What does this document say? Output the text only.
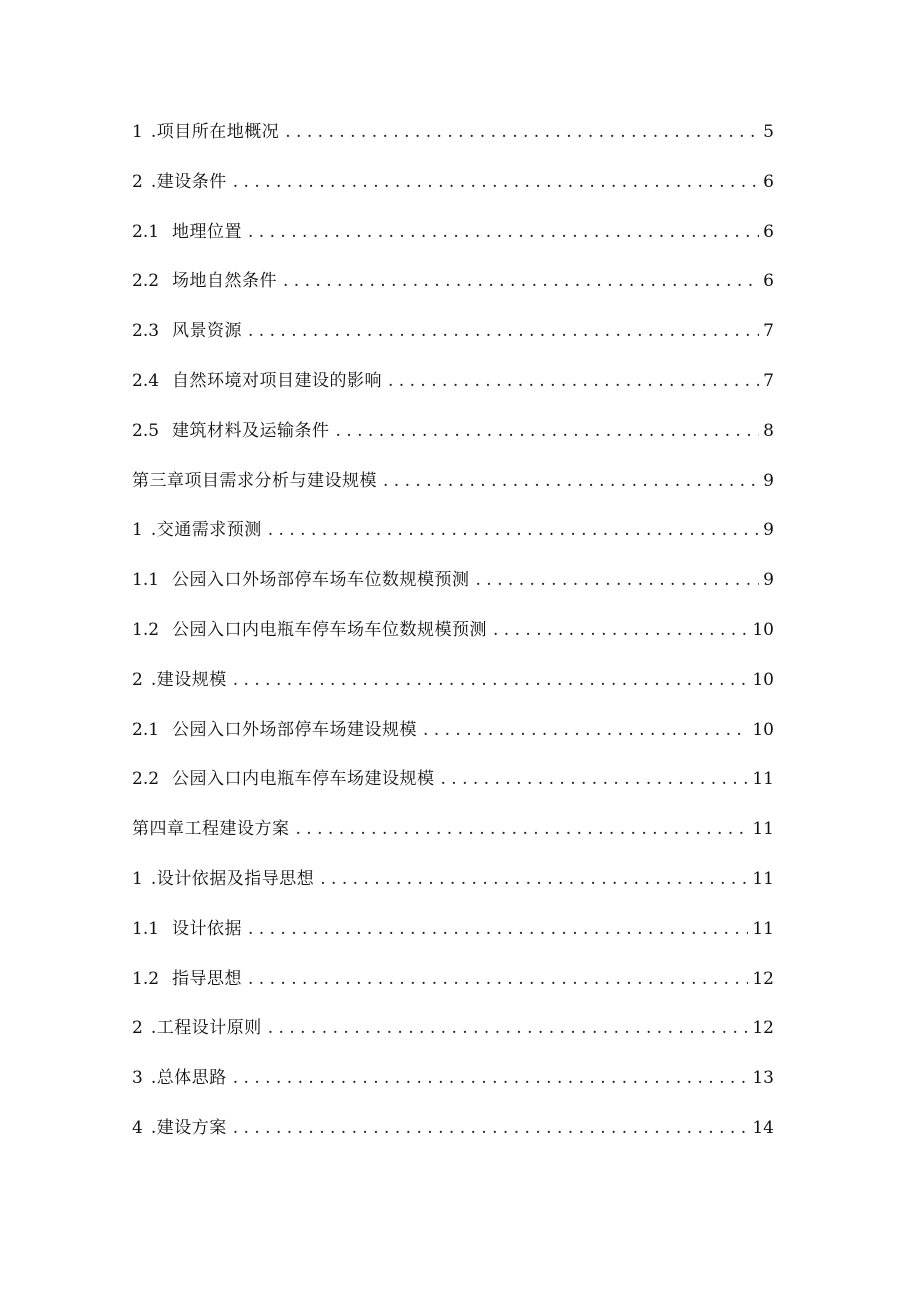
1 .项目所在地概况 . . .	5
2 .建设条件 . . .	6
2.1 地理位置 . . .	6
2.2 场地自然条件 . . .	6
2.3 风景资源 . . .	7
2.4 自然环境对项目建设的影响 . . .	7
2.5 建筑材料及运输条件 . . .	8
第三章项目需求分析与建设规模 . . .	9
1 .交通需求预测 . . .	9
1.1 公园入口外场部停车场车位数规模预测 . . .	9
1.2 公园入口内电瓶车停车场车位数规模预测 . . .	10
2 .建设规模 . . .	10
2.1 公园入口外场部停车场建设规模 . . .	10
2.2 公园入口内电瓶车停车场建设规模 . . .	11
第四章工程建设方案 . . .	11
1 .设计依据及指导思想 . . .	11
1.1 设计依据 . . .	11
1.2 指导思想 . . .	12
2 .工程设计原则 . . .	12
3 .总体思路 . . .	13
4 .建设方案 . . .	14
